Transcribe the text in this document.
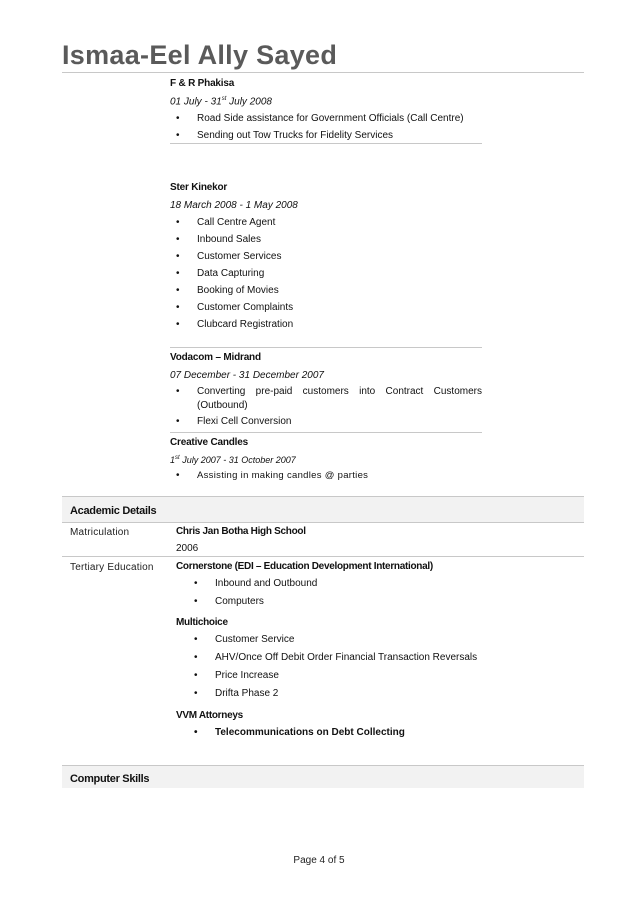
Ismaa-Eel Ally Sayed
F & R Phakisa
01 July - 31st July 2008
• Road Side assistance for Government Officials (Call Centre)
• Sending out Tow Trucks for Fidelity Services
Ster Kinekor
18 March 2008 - 1 May 2008
• Call Centre Agent
• Inbound Sales
• Customer Services
• Data Capturing
• Booking of Movies
• Customer Complaints
• Clubcard Registration
Vodacom – Midrand
07 December - 31 December 2007
• Converting pre-paid customers into Contract Customers (Outbound)
• Flexi Cell Conversion
Creative Candles
1st July 2007 - 31 October 2007
• Assisting in making candles @ parties
Academic Details
Matriculation	Chris Jan Botha High School
2006
Tertiary Education Cornerstone (EDI – Education Development International)
• Inbound and Outbound
• Computers
Multichoice
• Customer Service
• AHV/Once Off Debit Order Financial Transaction Reversals
• Price Increase
• Drifta Phase 2
VVM Attorneys
• Telecommunications on Debt Collecting
Computer Skills
Page 4 of 5
